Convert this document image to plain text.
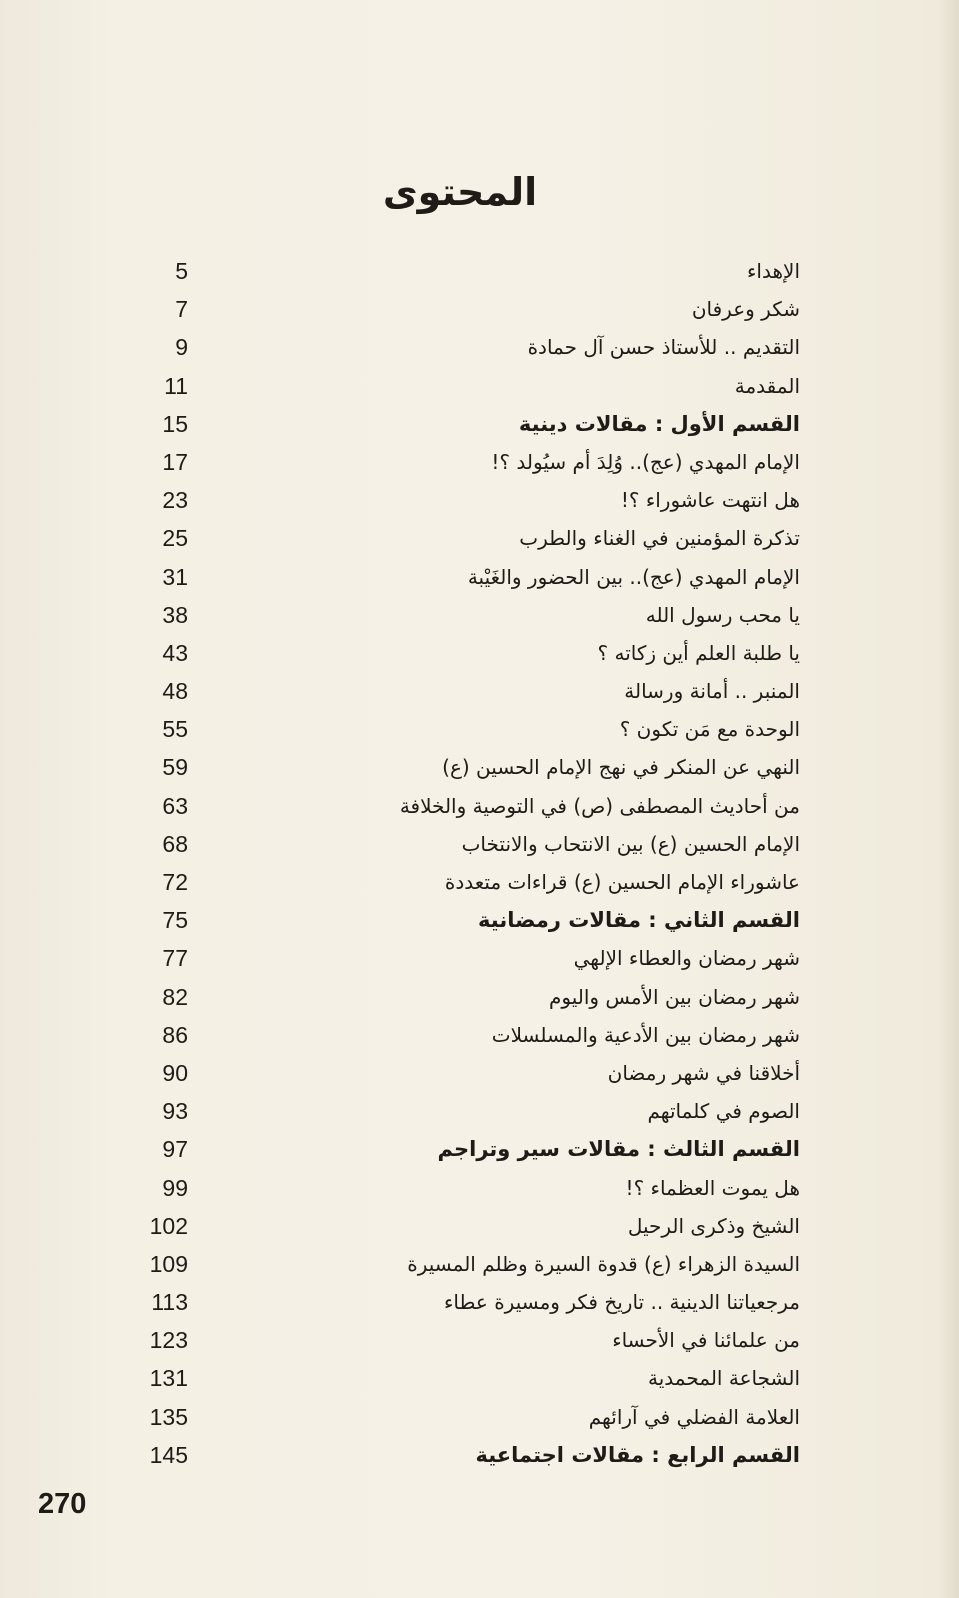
المحتوى
5	الإهداء
7	شكر وعرفان
9	التقديم .. للأستاذ حسن آل حمادة
11	المقدمة
15	القسم الأول : مقالات دينية
17	الإمام المهدي (عج).. وُلِدَ أم سيُولد ؟!
23	هل انتهت عاشوراء ؟!
25	تذكرة المؤمنين في الغناء والطرب
31	الإمام المهدي (عج).. بين الحضور والغَيْبة
38	يا محب رسول الله
43	يا طلبة العلم أين زكاته ؟
48	المنبر .. أمانة ورسالة
55	الوحدة مع مَن تكون ؟
59	النهي عن المنكر في نهج الإمام الحسين (ع)
63	من أحاديث المصطفى (ص) في التوصية والخلافة
68	الإمام الحسين (ع) بين الانتحاب والانتخاب
72	عاشوراء الإمام الحسين (ع) قراءات متعددة
75	القسم الثاني : مقالات رمضانية
77	شهر رمضان والعطاء الإلهي
82	شهر رمضان بين الأمس واليوم
86	شهر رمضان بين الأدعية والمسلسلات
90	أخلاقنا في شهر رمضان
93	الصوم في كلماتهم
97	القسم الثالث : مقالات سير وتراجم
99	هل يموت العظماء ؟!
102	الشيخ وذكرى الرحيل
109	السيدة الزهراء (ع) قدوة السيرة وظلم المسيرة
113	مرجعياتنا الدينية .. تاريخ فكر ومسيرة عطاء
123	من علمائنا في الأحساء
131	الشجاعة المحمدية
135	العلامة الفضلي في آرائهم
145	القسم الرابع : مقالات اجتماعية
270
